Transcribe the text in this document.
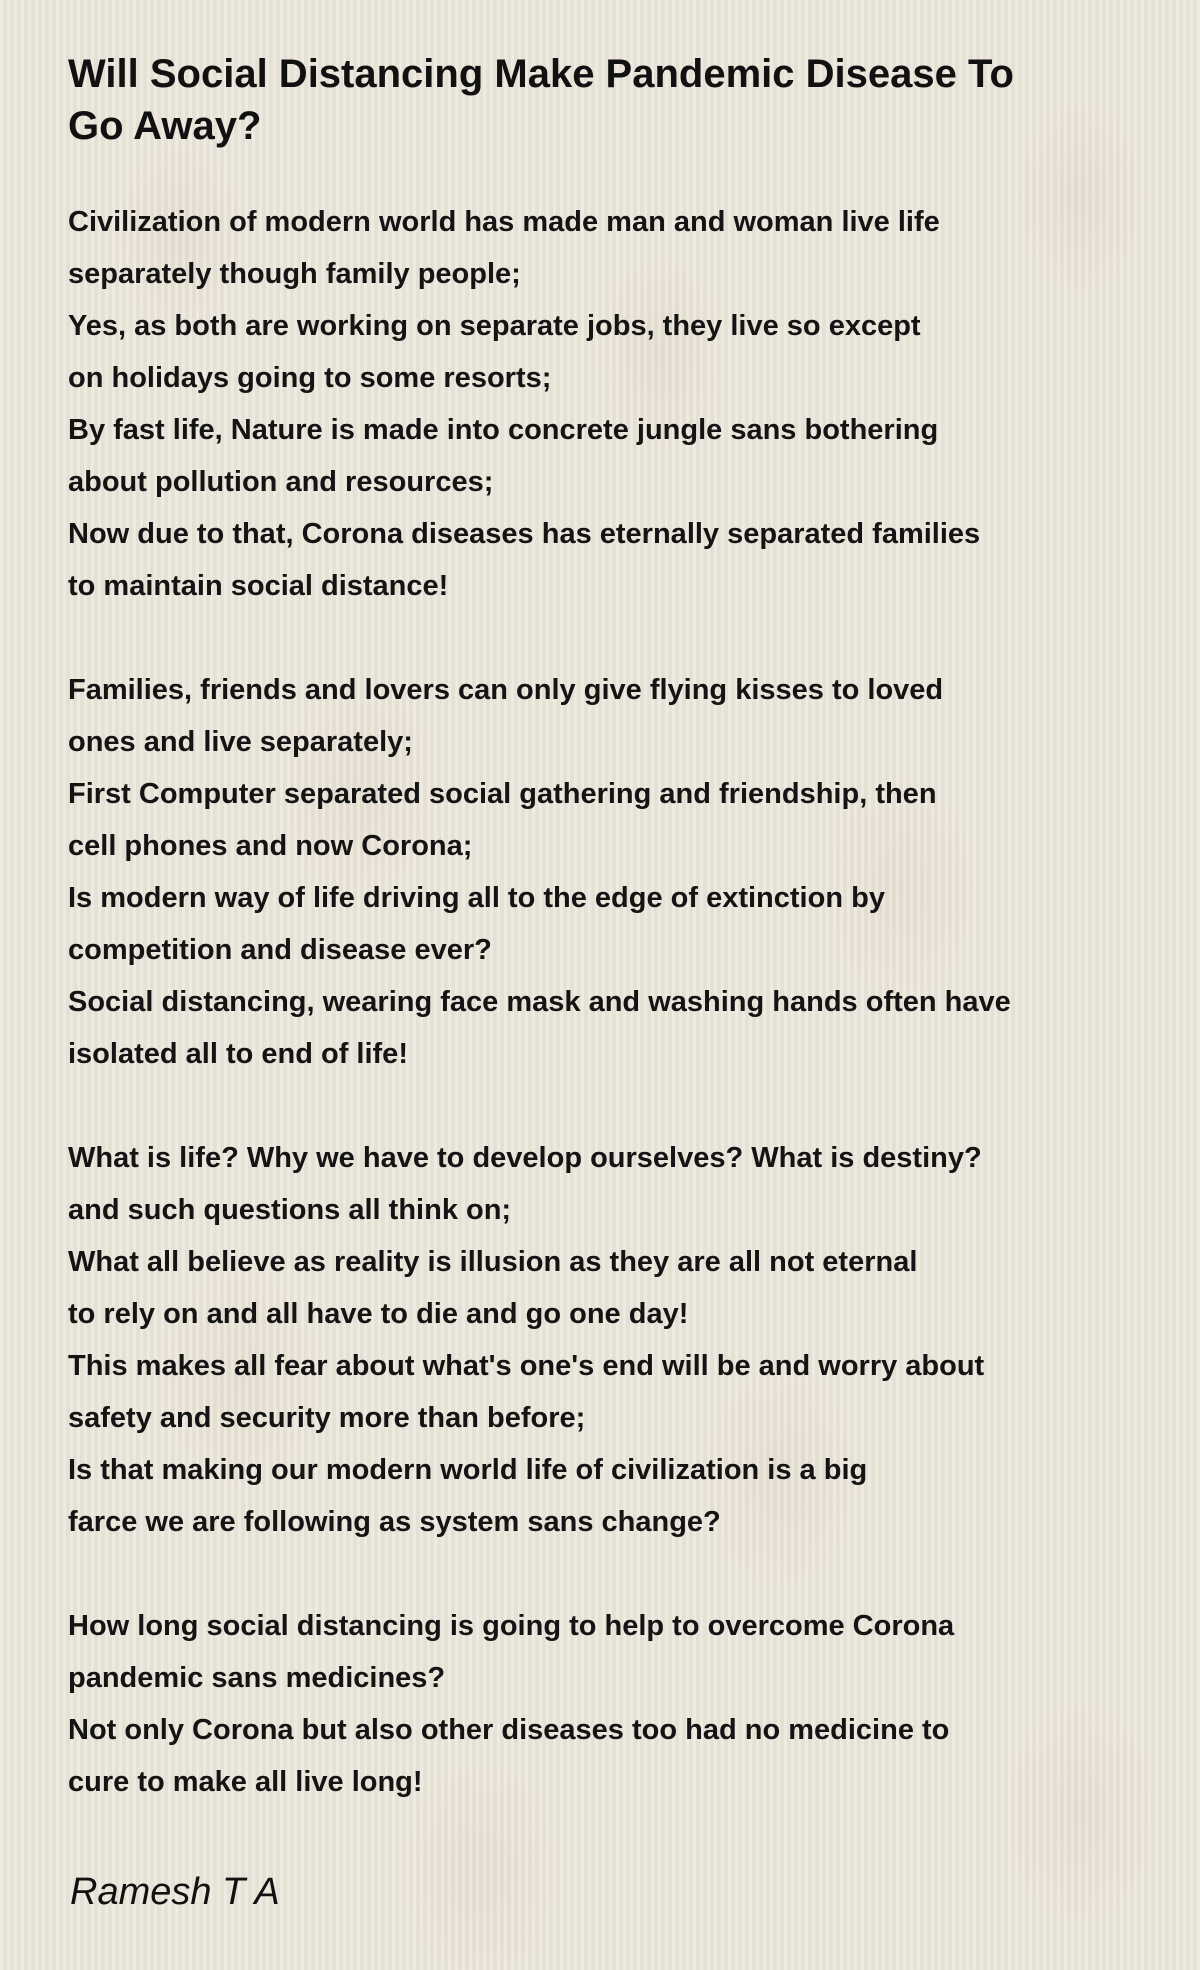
Will Social Distancing Make Pandemic Disease To Go Away?
Civilization of modern world has made man and woman live life
separately though family people;
Yes, as both are working on separate jobs, they live so except
on holidays going to some resorts;
By fast life, Nature is made into concrete jungle sans bothering
about pollution and resources;
Now due to that, Corona diseases has eternally separated families
to maintain social distance!
Families, friends and lovers can only give flying kisses to loved
ones and live separately;
First Computer separated social gathering and friendship, then
cell phones and now Corona;
Is modern way of life driving all to the edge of extinction by
competition and disease ever?
Social distancing, wearing face mask and washing hands often have
isolated all to end of life!
What is life? Why we have to develop ourselves? What is destiny?
and such questions all think on;
What all believe as reality is illusion as they are all not eternal
to rely on and all have to die and go one day!
This makes all fear about what's one's end will be and worry about
safety and security more than before;
Is that making our modern world life of civilization is a big
farce we are following as system sans change?
How long social distancing is going to help to overcome Corona
pandemic sans medicines?
Not only Corona but also other diseases too had no medicine to
cure to make all live long!
Ramesh T A
